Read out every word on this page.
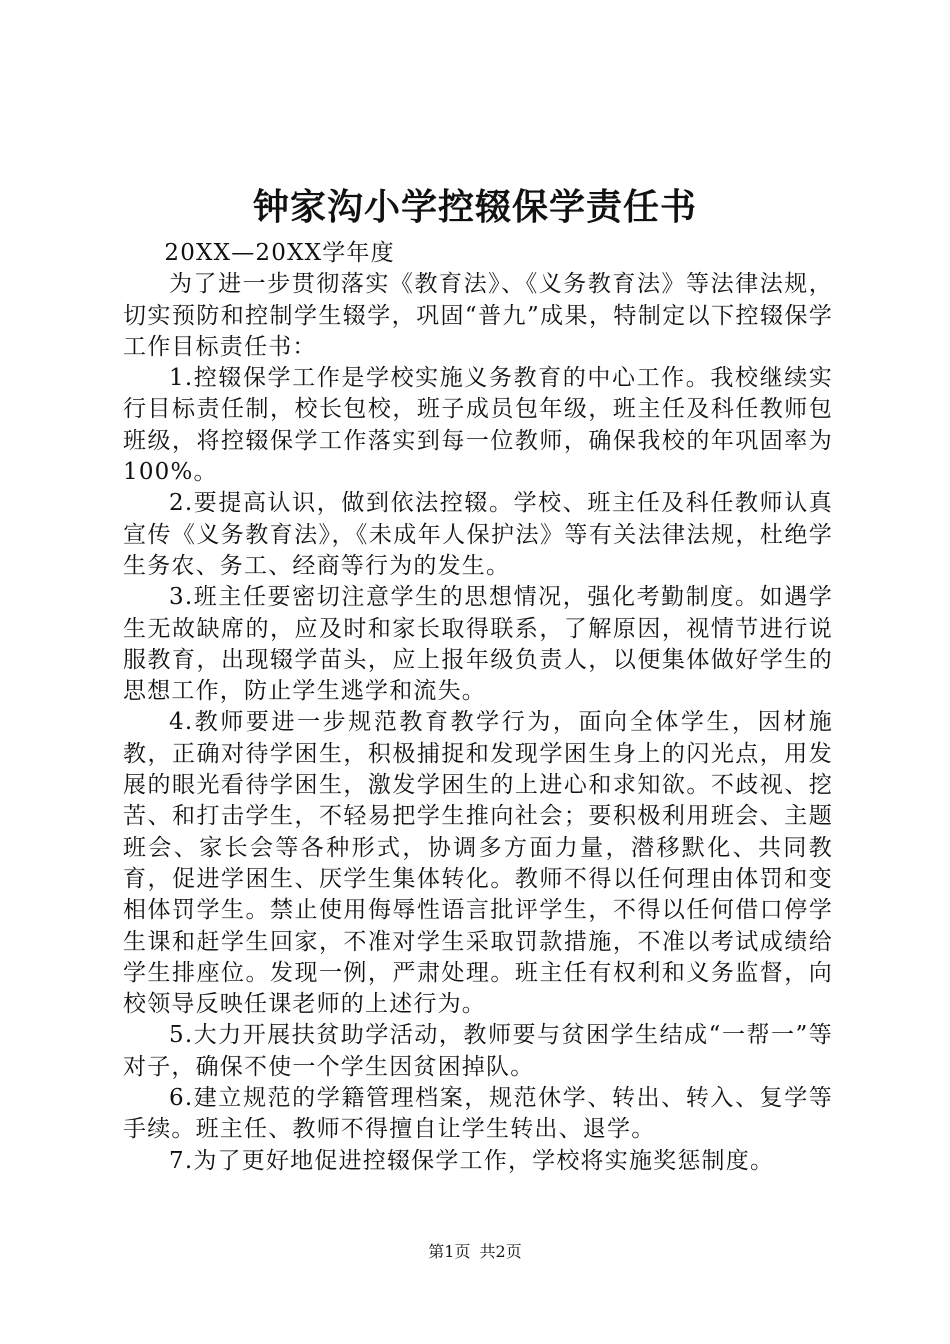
钟家沟小学控辍保学责任书

20XX—20XX学年度

为了进一步贯彻落实《教育法》、《义务教育法》等法律法规，切实预防和控制学生辍学，巩固“普九”成果，特制定以下控辍保学工作目标责任书：

1.控辍保学工作是学校实施义务教育的中心工作。我校继续实行目标责任制，校长包校，班子成员包年级，班主任及科任教师包班级，将控辍保学工作落实到每一位教师，确保我校的年巩固率为100%。

2.要提高认识，做到依法控辍。学校、班主任及科任教师认真宣传《义务教育法》，《未成年人保护法》等有关法律法规，杜绝学生务农、务工、经商等行为的发生。

3.班主任要密切注意学生的思想情况，强化考勤制度。如遇学生无故缺席的，应及时和家长取得联系，了解原因，视情节进行说服教育，出现辍学苗头，应上报年级负责人，以便集体做好学生的思想工作，防止学生逃学和流失。

4.教师要进一步规范教育教学行为，面向全体学生，因材施教，正确对待学困生，积极捕捉和发现学困生身上的闪光点，用发展的眼光看待学困生，激发学困生的上进心和求知欲。不歧视、挖苦、和打击学生，不轻易把学生推向社会；要积极利用班会、主题班会、家长会等各种形式，协调多方面力量，潜移默化、共同教育，促进学困生、厌学生集体转化。教师不得以任何理由体罚和变相体罚学生。禁止使用侮辱性语言批评学生，不得以任何借口停学生课和赶学生回家，不准对学生采取罚款措施，不准以考试成绩给学生排座位。发现一例，严肃处理。班主任有权利和义务监督，向校领导反映任课老师的上述行为。

5.大力开展扶贫助学活动，教师要与贫困学生结成“一帮一”等对子，确保不使一个学生因贫困掉队。

6.建立规范的学籍管理档案，规范休学、转出、转入、复学等手续。班主任、教师不得擅自让学生转出、退学。

7.为了更好地促进控辍保学工作，学校将实施奖惩制度。

第1页 共2页
